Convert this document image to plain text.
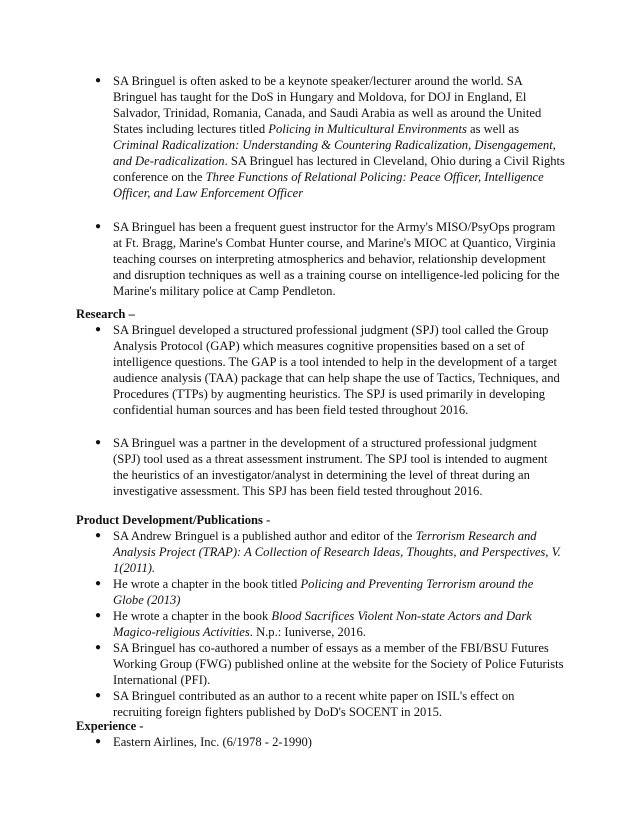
● SA Bringuel is often asked to be a keynote speaker/lecturer around the world. SA Bringuel has taught for the DoS in Hungary and Moldova, for DOJ in England, El Salvador, Trinidad, Romania, Canada, and Saudi Arabia as well as around the United States including lectures titled Policing in Multicultural Environments as well as Criminal Radicalization: Understanding & Countering Radicalization, Disengagement, and De-radicalization. SA Bringuel has lectured in Cleveland, Ohio during a Civil Rights conference on the Three Functions of Relational Policing: Peace Officer, Intelligence Officer, and Law Enforcement Officer
● SA Bringuel has been a frequent guest instructor for the Army's MISO/PsyOps program at Ft. Bragg, Marine's Combat Hunter course, and Marine's MIOC at Quantico, Virginia teaching courses on interpreting atmospherics and behavior, relationship development and disruption techniques as well as a training course on intelligence-led policing for the Marine's military police at Camp Pendleton.
Research –
● SA Bringuel developed a structured professional judgment (SPJ) tool called the Group Analysis Protocol (GAP) which measures cognitive propensities based on a set of intelligence questions. The GAP is a tool intended to help in the development of a target audience analysis (TAA) package that can help shape the use of Tactics, Techniques, and Procedures (TTPs) by augmenting heuristics. The SPJ is used primarily in developing confidential human sources and has been field tested throughout 2016.
● SA Bringuel was a partner in the development of a structured professional judgment (SPJ) tool used as a threat assessment instrument. The SPJ tool is intended to augment the heuristics of an investigator/analyst in determining the level of threat during an investigative assessment. This SPJ has been field tested throughout 2016.
Product Development/Publications -
● SA Andrew Bringuel is a published author and editor of the Terrorism Research and Analysis Project (TRAP): A Collection of Research Ideas, Thoughts, and Perspectives, V. 1(2011).
● He wrote a chapter in the book titled Policing and Preventing Terrorism around the Globe (2013)
● He wrote a chapter in the book Blood Sacrifices Violent Non-state Actors and Dark Magico-religious Activities. N.p.: Iuniverse, 2016.
● SA Bringuel has co-authored a number of essays as a member of the FBI/BSU Futures Working Group (FWG) published online at the website for the Society of Police Futurists International (PFI).
● SA Bringuel contributed as an author to a recent white paper on ISIL's effect on recruiting foreign fighters published by DoD's SOCENT in 2015.
Experience -
● Eastern Airlines, Inc. (6/1978 - 2-1990)
